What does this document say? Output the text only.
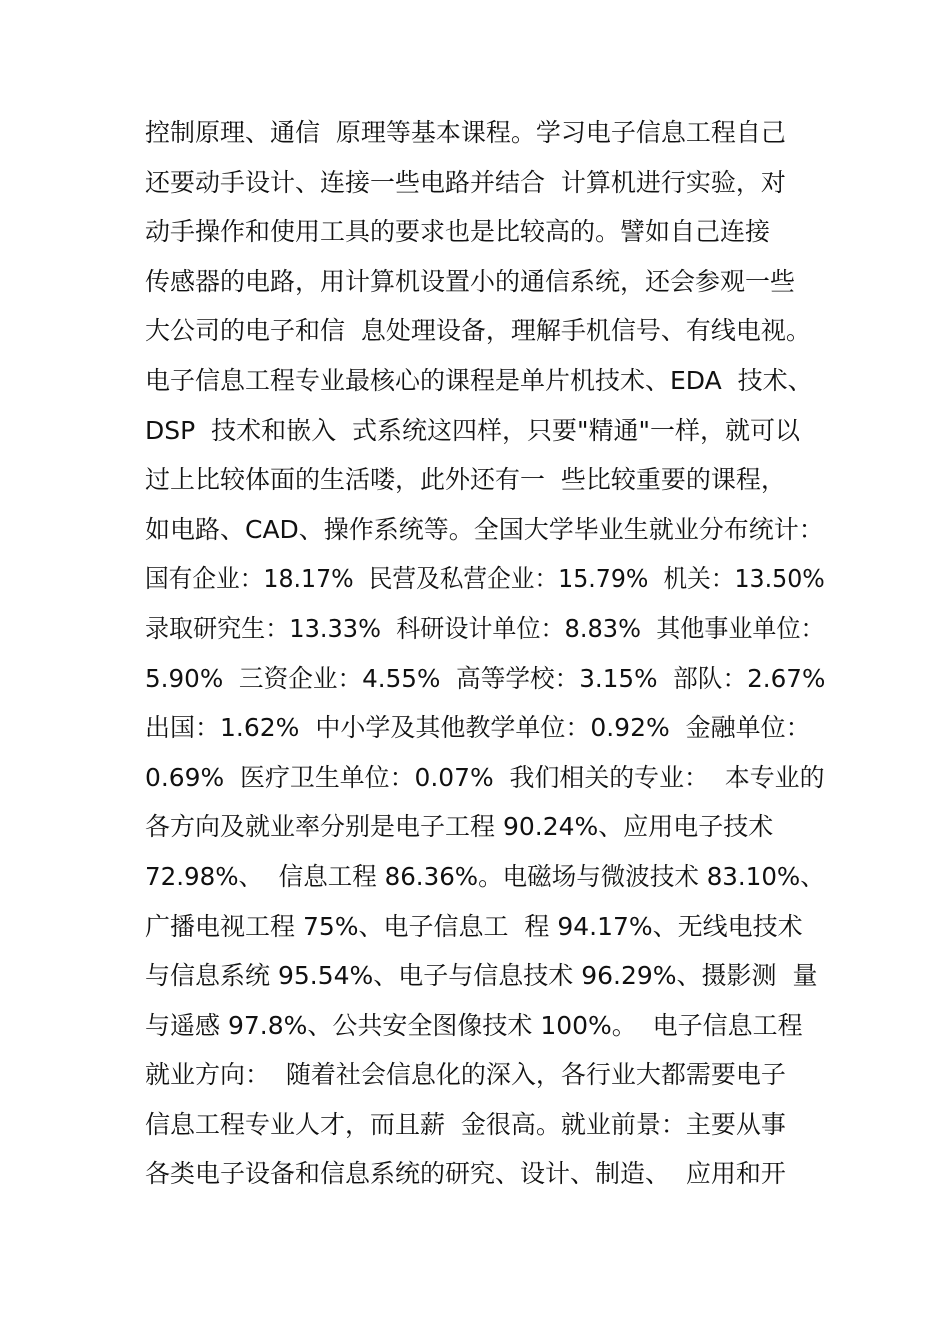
控制原理、通信  原理等基本课程。学习电子信息工程自己
还要动手设计、连接一些电路并结合  计算机进行实验，对
动手操作和使用工具的要求也是比较高的。譬如自己连接
传感器的电路，用计算机设置小的通信系统，还会参观一些
大公司的电子和信  息处理设备，理解手机信号、有线电视。
电子信息工程专业最核心的课程是单片机技术、EDA  技术、
DSP  技术和嵌入  式系统这四样，只要"精通"一样，就可以
过上比较体面的生活喽，此外还有一  些比较重要的课程，
如电路、CAD、操作系统等。全国大学毕业生就业分布统计：
国有企业：18.17%  民营及私营企业：15.79%  机关：13.50%
录取研究生：13.33%  科研设计单位：8.83%  其他事业单位：
5.90%  三资企业：4.55%  高等学校：3.15%  部队：2.67%
出国：1.62%  中小学及其他教学单位：0.92%  金融单位：
0.69%  医疗卫生单位：0.07%  我们相关的专业：  本专业的
各方向及就业率分别是电子工程 90.24%、应用电子技术
72.98%、  信息工程 86.36%。电磁场与微波技术 83.10%、
广播电视工程 75%、电子信息工  程 94.17%、无线电技术
与信息系统 95.54%、电子与信息技术 96.29%、摄影测  量
与遥感 97.8%、公共安全图像技术 100%。  电子信息工程
就业方向：  随着社会信息化的深入，各行业大都需要电子
信息工程专业人才，而且薪  金很高。就业前景：主要从事
各类电子设备和信息系统的研究、设计、制造、  应用和开
